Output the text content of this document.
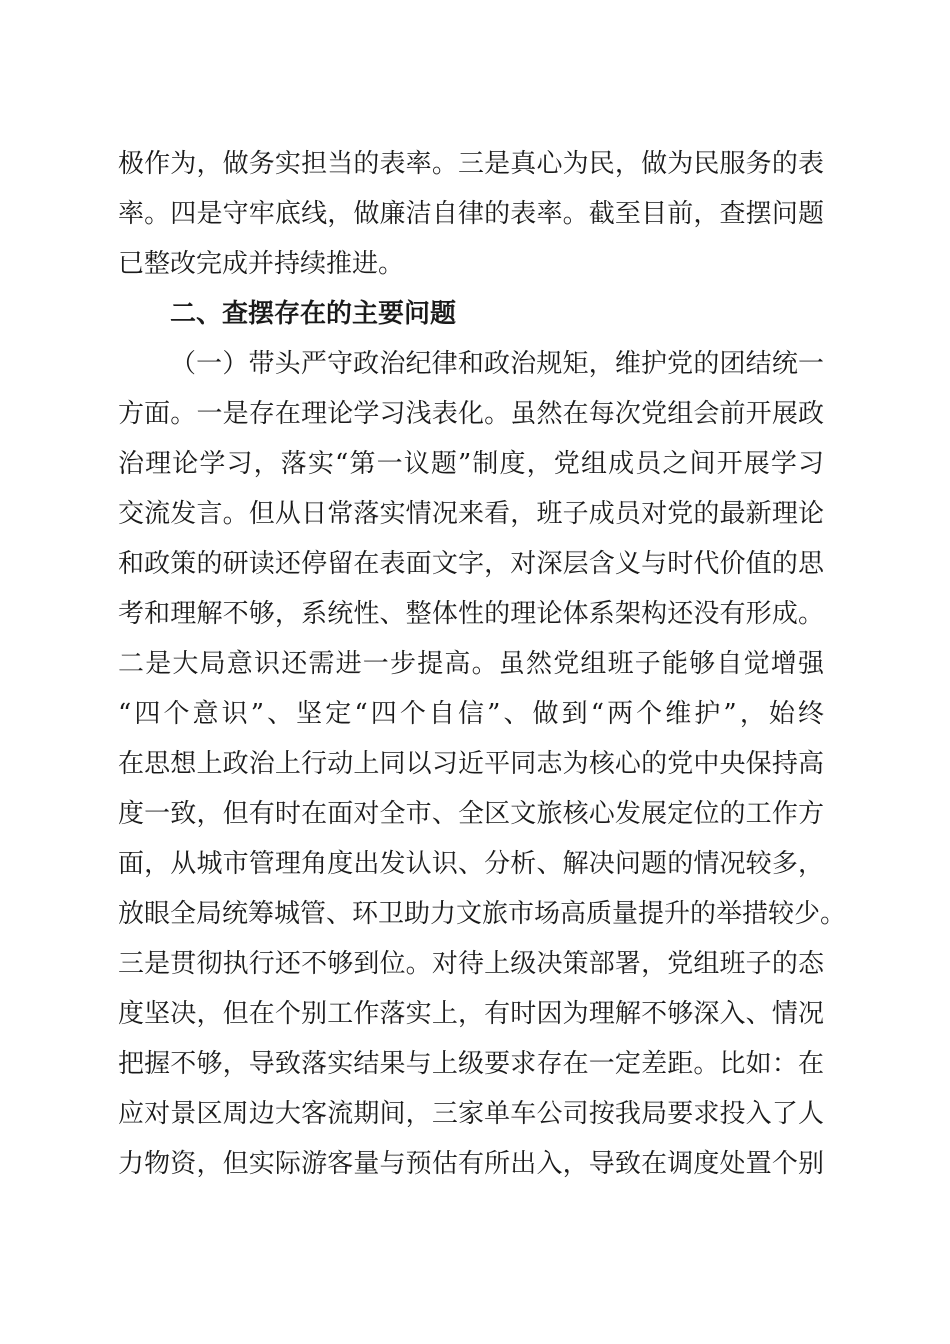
极作为，做务实担当的表率。三是真心为民，做为民服务的表
率。四是守牢底线，做廉洁自律的表率。截至目前，查摆问题
已整改完成并持续推进。
二、查摆存在的主要问题
（一）带头严守政治纪律和政治规矩，维护党的团结统一
方面。一是存在理论学习浅表化。虽然在每次党组会前开展政
治理论学习，落实“第一议题”制度，党组成员之间开展学习
交流发言。但从日常落实情况来看，班子成员对党的最新理论
和政策的研读还停留在表面文字，对深层含义与时代价值的思
考和理解不够，系统性、整体性的理论体系架构还没有形成。
二是大局意识还需进一步提高。虽然党组班子能够自觉增强
“四个意识”、坚定“四个自信”、做到“两个维护”，始终
在思想上政治上行动上同以习近平同志为核心的党中央保持高
度一致，但有时在面对全市、全区文旅核心发展定位的工作方
面，从城市管理角度出发认识、分析、解决问题的情况较多，
放眼全局统筹城管、环卫助力文旅市场高质量提升的举措较少。
三是贯彻执行还不够到位。对待上级决策部署，党组班子的态
度坚决，但在个别工作落实上，有时因为理解不够深入、情况
把握不够，导致落实结果与上级要求存在一定差距。比如：在
应对景区周边大客流期间，三家单车公司按我局要求投入了人
力物资，但实际游客量与预估有所出入，导致在调度处置个别
